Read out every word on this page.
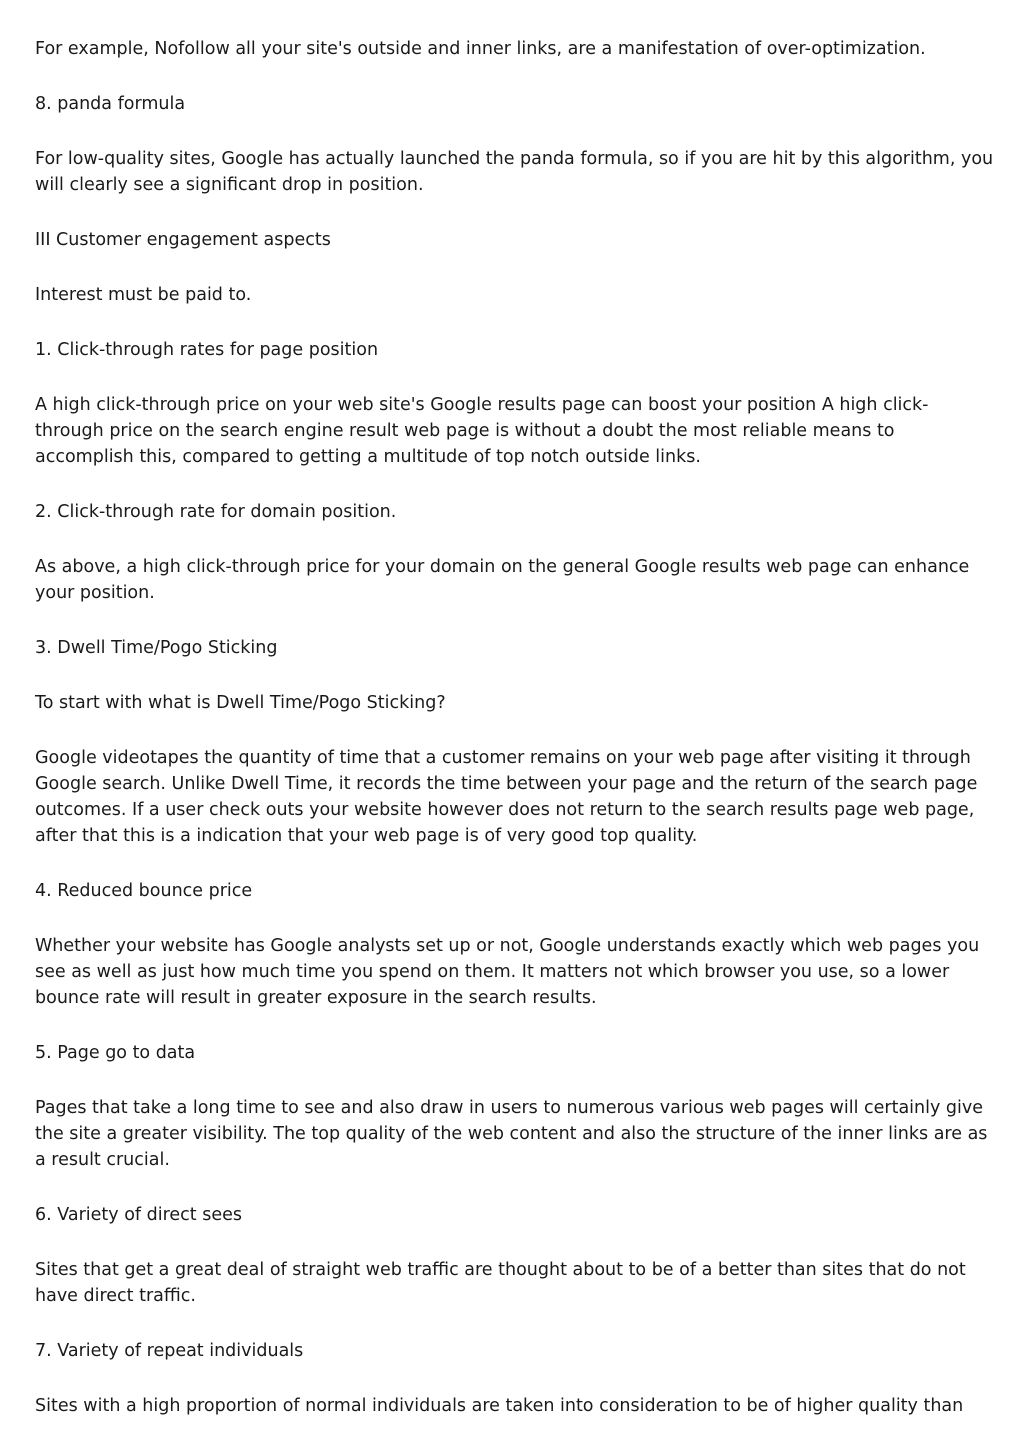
For example, Nofollow all your site's outside and inner links, are a manifestation of over-optimization.

8. panda formula

For low-quality sites, Google has actually launched the panda formula, so if you are hit by this algorithm, you will clearly see a significant drop in position.

III Customer engagement aspects

Interest must be paid to.

1. Click-through rates for page position

A high click-through price on your web site's Google results page can boost your position A high click-through price on the search engine result web page is without a doubt the most reliable means to accomplish this, compared to getting a multitude of top notch outside links.

2. Click-through rate for domain position.

As above, a high click-through price for your domain on the general Google results web page can enhance your position.

3. Dwell Time/Pogo Sticking

To start with what is Dwell Time/Pogo Sticking?

Google videotapes the quantity of time that a customer remains on your web page after visiting it through Google search. Unlike Dwell Time, it records the time between your page and the return of the search page outcomes. If a user check outs your website however does not return to the search results page web page, after that this is a indication that your web page is of very good top quality.

4. Reduced bounce price

Whether your website has Google analysts set up or not, Google understands exactly which web pages you see as well as just how much time you spend on them. It matters not which browser you use, so a lower bounce rate will result in greater exposure in the search results.

5. Page go to data

Pages that take a long time to see and also draw in users to numerous various web pages will certainly give the site a greater visibility. The top quality of the web content and also the structure of the inner links are as a result crucial.

6. Variety of direct sees

Sites that get a great deal of straight web traffic are thought about to be of a better than sites that do not have direct traffic.

7. Variety of repeat individuals

Sites with a high proportion of normal individuals are taken into consideration to be of higher quality than
